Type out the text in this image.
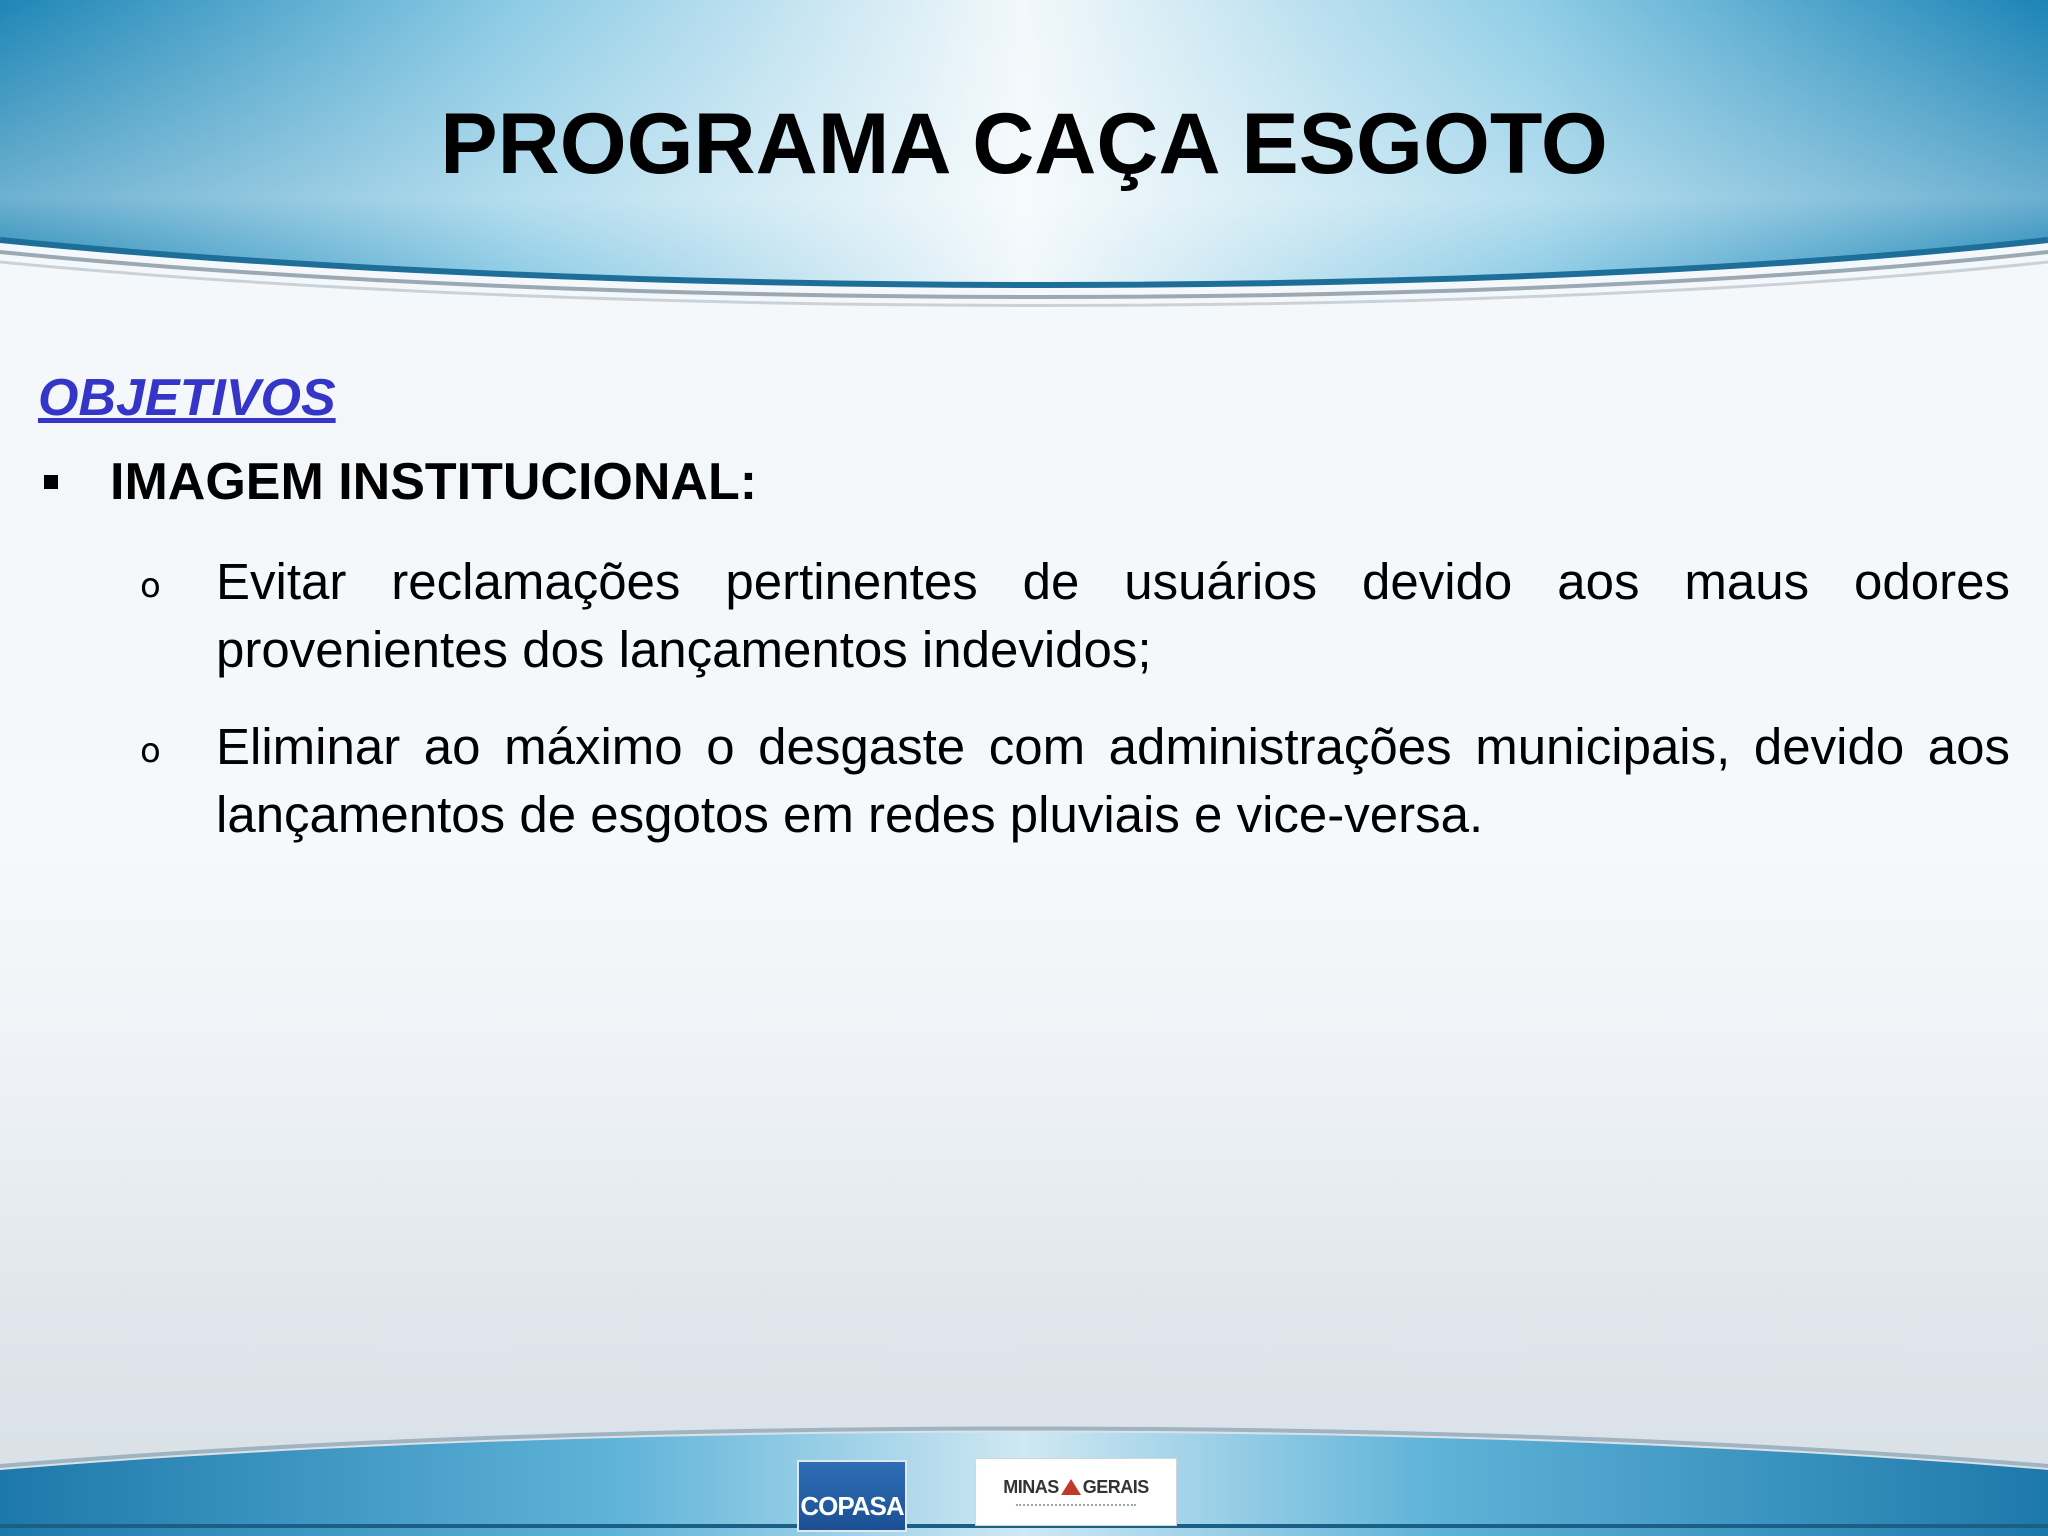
PROGRAMA CAÇA ESGOTO
OBJETIVOS
IMAGEM INSTITUCIONAL:
o	Evitar reclamações pertinentes de usuários devido aos maus odores provenientes dos lançamentos indevidos;
o	Eliminar ao máximo o desgaste com administrações municipais, devido aos lançamentos de esgotos em redes pluviais e vice-versa.
COPASA
MINAS GERAIS
